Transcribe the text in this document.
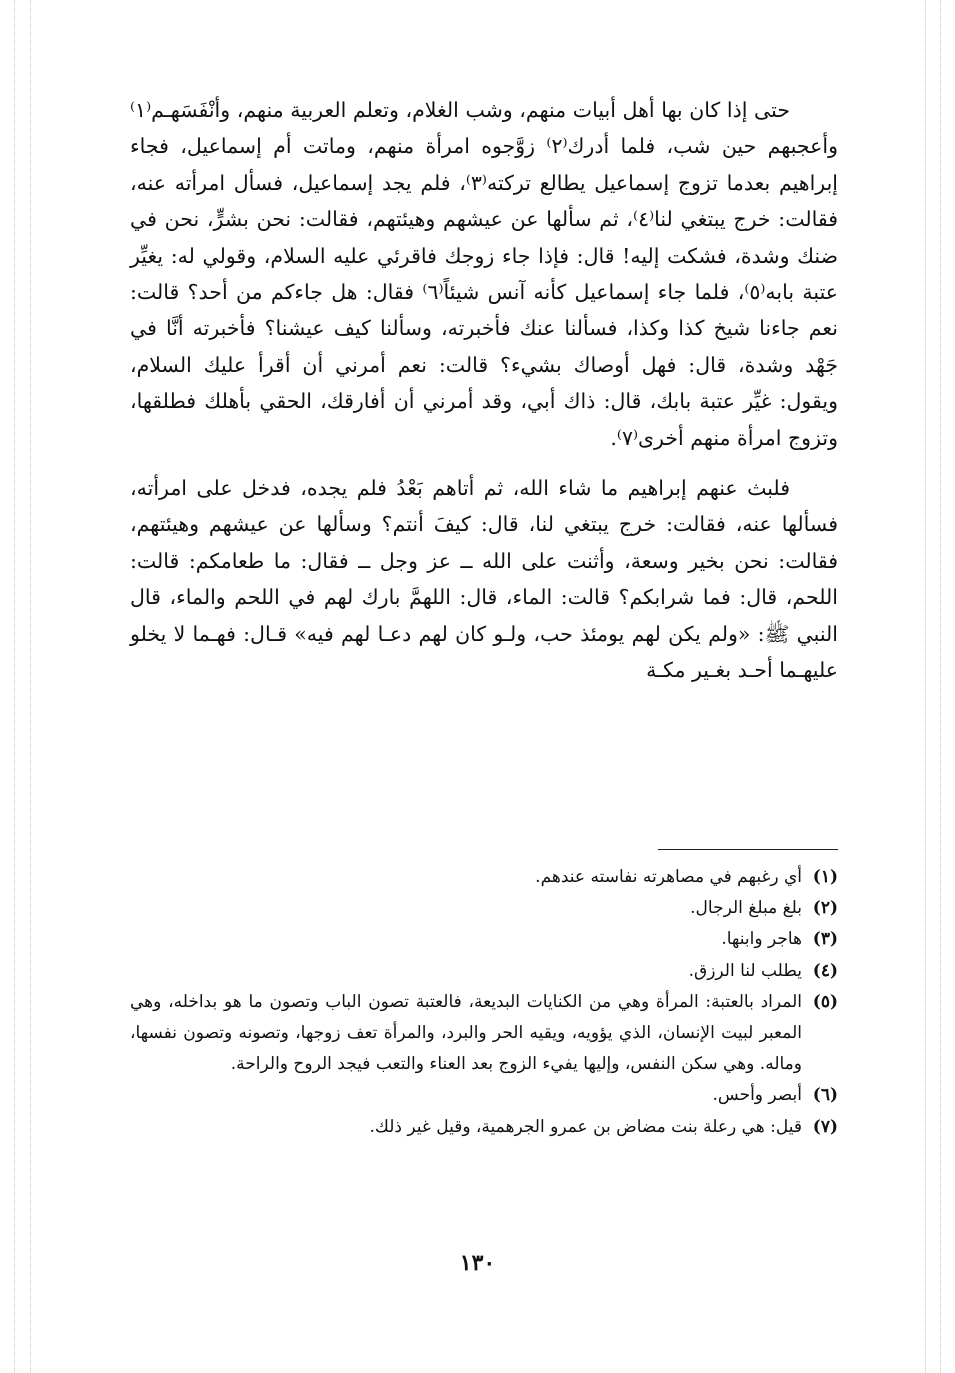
حتى إذا كان بها أهل أبيات منهم، وشب الغلام، وتعلم العربية منهم، وأنْفَسَهـم⁽١⁾ وأعجبهم حين شب، فلما أدرك⁽٢⁾ زوَّجوه امرأة منهم، وماتت أم إسماعيل، فجاء إبراهيم بعدما تزوج إسماعيل يطالع تركته⁽٣⁾، فلم يجد إسماعيل، فسأل امرأته عنه، فقالت: خرج يبتغي لنا⁽٤⁾، ثم سألها عن عيشهم وهيئتهم، فقالت: نحن بشرٍّ، نحن في ضنك وشدة، فشكت إليه! قال: فإذا جاء زوجك فاقرئي عليه السلام، وقولي له: يغيِّر عتبة بابه⁽٥⁾، فلما جاء إسماعيل كأنه آنس شيئاً⁽٦⁾ فقال: هل جاءكم من أحد؟ قالت: نعم جاءنا شيخ كذا وكذا، فسألنا عنك فأخبرته، وسألنا كيف عيشنا؟ فأخبرته أنَّا في جَهْد وشدة، قال: فهل أوصاك بشيء؟ قالت: نعم أمرني أن أقرأ عليك السلام، ويقول: غيِّر عتبة بابك، قال: ذاك أبي، وقد أمرني أن أفارقك، الحقي بأهلك فطلقها، وتزوج امرأة منهم أخرى⁽٧⁾.

فلبث عنهم إبراهيم ما شاء الله، ثم أتاهم بَعْدُ فلم يجده، فدخل على امرأته، فسألها عنه، فقالت: خرج يبتغي لنا، قال: كيفَ أنتم؟ وسألها عن عيشهم وهيئتهم، فقالت: نحن بخير وسعة، وأثنت على الله ــ عز وجل ــ فقال: ما طعامكم: قالت: اللحم، قال: فما شرابكم؟ قالت: الماء، قال: اللهمَّ بارك لهم في اللحم والماء، قال النبي ﷺ: «ولم يكن لهم يومئذ حب، ولـو كان لهم دعـا لهم فيه» قـال: فهـما لا يخلو عليهـما أحـد بغـير مكـة

(١)
أي رغبهم في مصاهرته نفاسته عندهم.
(٢)
بلغ مبلغ الرجال.
(٣)
هاجر وابنها.
(٤)
يطلب لنا الرزق.
(٥)
المراد بالعتبة: المرأة وهي من الكنايات البديعة، فالعتبة تصون الباب وتصون ما هو بداخله، وهي المعبر لبيت الإنسان، الذي يؤويه، ويقيه الحر والبرد، والمرأة تعف زوجها، وتصونه وتصون نفسها، وماله. وهي سكن النفس، وإليها يفيء الزوج بعد العناء والتعب فيجد الروح والراحة.
(٦)
أبصر وأحس.
(٧)
قيل: هي رعلة بنت مضاض بن عمرو الجرهمية، وقيل غير ذلك.
١٣٠
